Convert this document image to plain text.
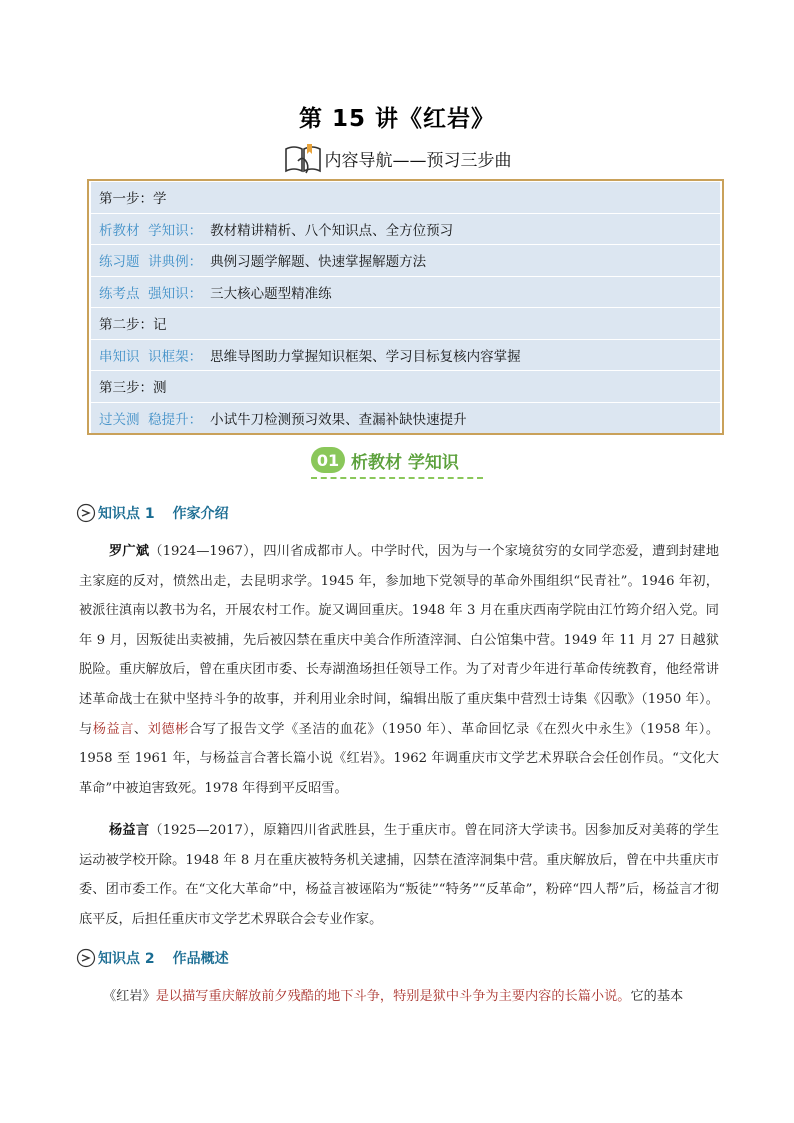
第 15 讲《红岩》
内容导航——预习三步曲
第一步：学
析教材  学知识： 教材精讲精析、八个知识点、全方位预习
练习题  讲典例： 典例习题学解题、快速掌握解题方法
练考点  强知识： 三大核心题型精准练
第二步：记
串知识  识框架： 思维导图助力掌握知识框架、学习目标复核内容掌握
第三步：测
过关测  稳提升： 小试牛刀检测预习效果、查漏补缺快速提升
01 析教材 学知识
知识点 1 作家介绍
罗广斌（1924—1967），四川省成都市人。中学时代，因为与一个家境贫穷的女同学恋爱，遭到封建地主家庭的反对，愤然出走，去昆明求学。1945 年，参加地下党领导的革命外围组织“民青社”。1946 年初，被派往滇南以教书为名，开展农村工作。旋又调回重庆。1948 年 3 月在重庆西南学院由江竹筠介绍入党。同年 9 月，因叛徒出卖被捕，先后被囚禁在重庆中美合作所渣滓洞、白公馆集中营。1949 年 11 月 27 日越狱脱险。重庆解放后，曾在重庆团市委、长寿湖渔场担任领导工作。为了对青少年进行革命传统教育，他经常讲述革命战士在狱中坚持斗争的故事，并利用业余时间，编辑出版了重庆集中营烈士诗集《囚歌》（1950 年）。与杨益言、刘德彬合写了报告文学《圣洁的血花》（1950 年）、革命回忆录《在烈火中永生》（1958 年）。1958 至 1961 年，与杨益言合著长篇小说《红岩》。1962 年调重庆市文学艺术界联合会任创作员。“文化大革命”中被迫害致死。1978 年得到平反昭雪。
杨益言（1925—2017），原籍四川省武胜县，生于重庆市。曾在同济大学读书。因参加反对美蒋的学生运动被学校开除。1948 年 8 月在重庆被特务机关逮捕，囚禁在渣滓洞集中营。重庆解放后，曾在中共重庆市委、团市委工作。在“文化大革命”中，杨益言被诬陷为“叛徒”“特务”“反革命”，粉碎“四人帮”后，杨益言才彻底平反，后担任重庆市文学艺术界联合会专业作家。
知识点 2 作品概述
《红岩》是以描写重庆解放前夕残酷的地下斗争，特别是狱中斗争为主要内容的长篇小说。它的基本
